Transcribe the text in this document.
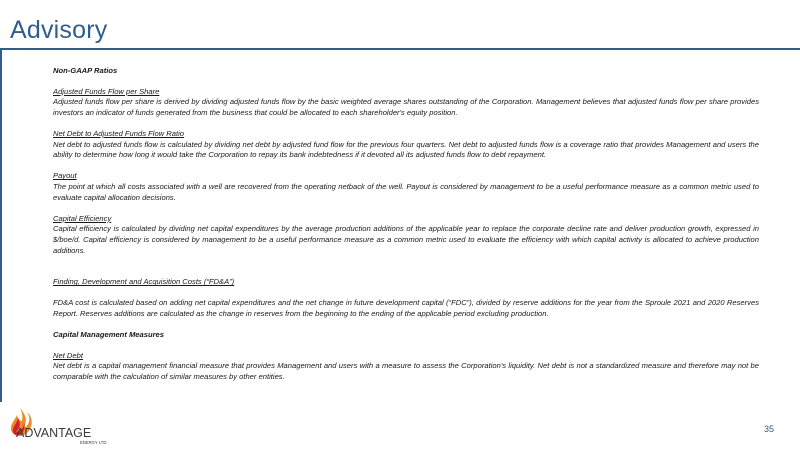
Advisory

Non-GAAP Ratios

Adjusted Funds Flow per Share

Adjusted funds flow per share is derived by dividing adjusted funds flow by the basic weighted average shares outstanding of the Corporation. Management believes that adjusted funds flow per share provides investors an indicator of funds generated from the business that could be allocated to each shareholder's equity position.

Net Debt to Adjusted Funds Flow Ratio

Net debt to adjusted funds flow is calculated by dividing net debt by adjusted fund flow for the previous four quarters. Net debt to adjusted funds flow is a coverage ratio that provides Management and users the ability to determine how long it would take the Corporation to repay its bank indebtedness if it devoted all its adjusted funds flow to debt repayment.

Payout

The point at which all costs associated with a well are recovered from the operating netback of the well. Payout is considered by management to be a useful performance measure as a common metric used to evaluate capital allocation decisions.

Capital Efficiency

Capital efficiency is calculated by dividing net capital expenditures by the average production additions of the applicable year to replace the corporate decline rate and deliver production growth, expressed in $/boe/d. Capital efficiency is considered by management to be a useful performance measure as a common metric used to evaluate the efficiency with which capital activity is allocated to achieve production additions.

Finding, Development and Acquisition Costs (“FD&A”)

FD&A cost is calculated based on adding net capital expenditures and the net change in future development capital (“FDC”), divided by reserve additions for the year from the Sproule 2021 and 2020 Reserves Report. Reserves additions are calculated as the change in reserves from the beginning to the ending of the applicable period excluding production.

Capital Management Measures

Net Debt

Net debt is a capital management financial measure that provides Management and users with a measure to assess the Corporation's liquidity. Net debt is not a standardized measure and therefore may not be comparable with the calculation of similar measures by other entities.

ADVANTAGE
ENERGY LTD.
35
